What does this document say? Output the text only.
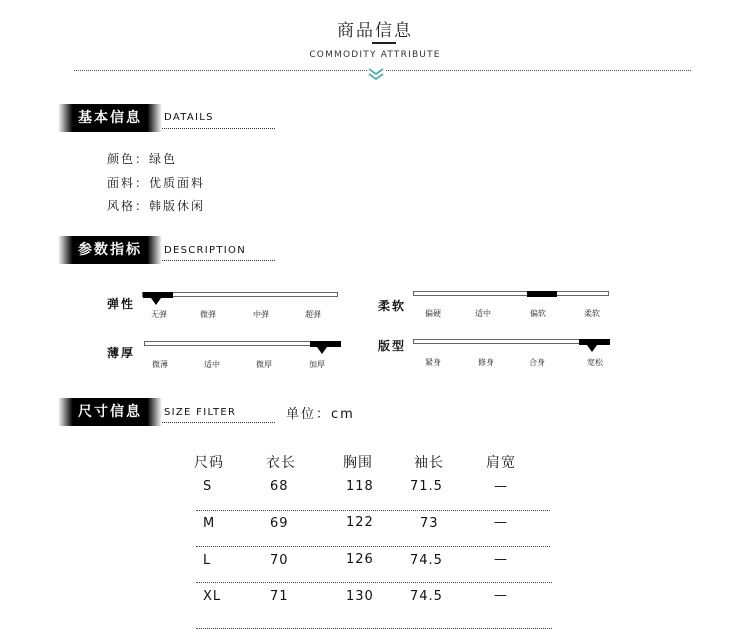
商品信息
COMMODITY ATTRIBUTE
基本信息	DATAILS
颜色：绿色
面料：优质面料
风格：韩版休闲
参数指标	DESCRIPTION
弹性
无弹	微弹	中弹	超弹
柔软
偏硬	适中	偏软	柔软
薄厚
微薄	适中	微厚	加厚
版型
紧身	修身	合身	宽松
尺寸信息	SIZE FILTER	单位：cm
尺码	衣长	胸围	袖长	肩宽
S	68	118	71.5	—
M	69	122	73	—
L	70	126	74.5	—
XL	71	130	74.5	—
